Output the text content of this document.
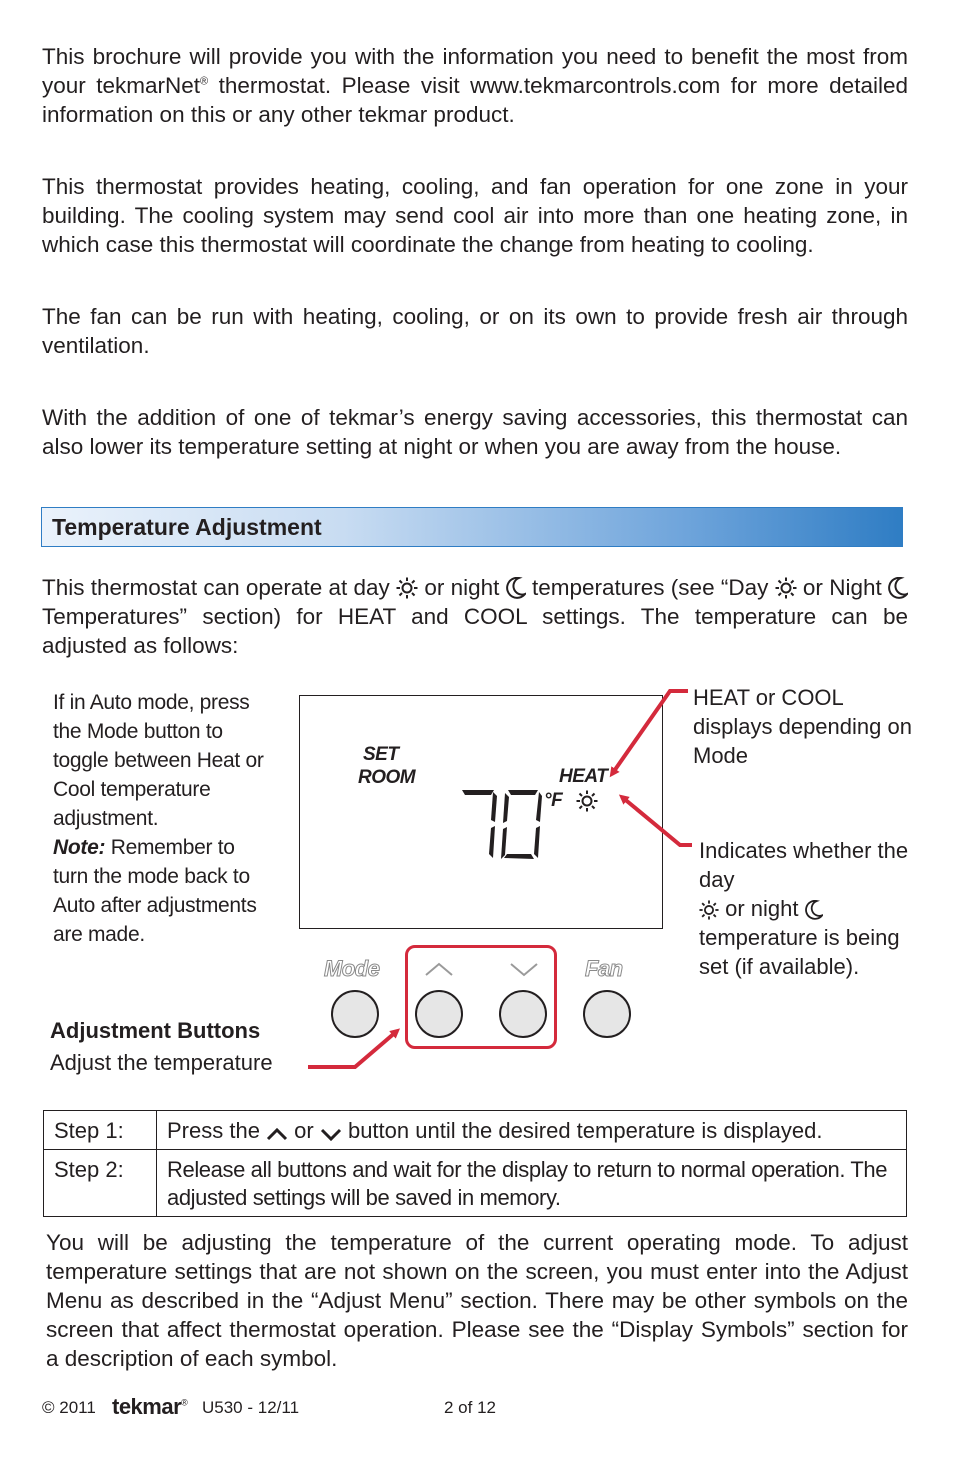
This brochure will provide you with the information you need to benefit the most from your tekmarNet® thermostat. Please visit www.tekmarcontrols.com for more detailed information on this or any other tekmar product.

This thermostat provides heating, cooling, and fan operation for one zone in your building. The cooling system may send cool air into more than one heating zone, in which case this thermostat will coordinate the change from heating to cooling.

The fan can be run with heating, cooling, or on its own to provide fresh air through ventilation.

With the addition of one of tekmar’s energy saving accessories, this thermostat can also lower its temperature setting at night or when you are away from the house.

Temperature Adjustment

This thermostat can operate at day  or night  temperatures (see “Day  or Night  Temperatures” section) for HEAT and COOL settings. The temperature can be adjusted as follows:

If in Auto mode, press the Mode button to toggle between Heat or Cool temperature adjustment.
Note: Remember to turn the mode back to Auto after adjustments are made.

SET
ROOM	HEAT
°F
Mode	Fan

HEAT or COOL displays depending on Mode

Indicates whether the day
or night
temperature is being set (if available).

Adjustment Buttons
Adjust the temperature
Step 1:	Press the  or  button until the desired temperature is displayed.
Step 2:	Release all buttons and wait for the display to return to normal operation. The adjusted settings will be saved in memory.

You will be adjusting the temperature of the current operating mode. To adjust temperature settings that are not shown on the screen, you must enter into the Adjust Menu as described in the “Adjust Menu” section. There may be other symbols on the screen that affect thermostat operation. Please see the “Display Symbols” section for a description of each symbol.

© 2011 tekmar® U530 - 12/11	2 of 12
